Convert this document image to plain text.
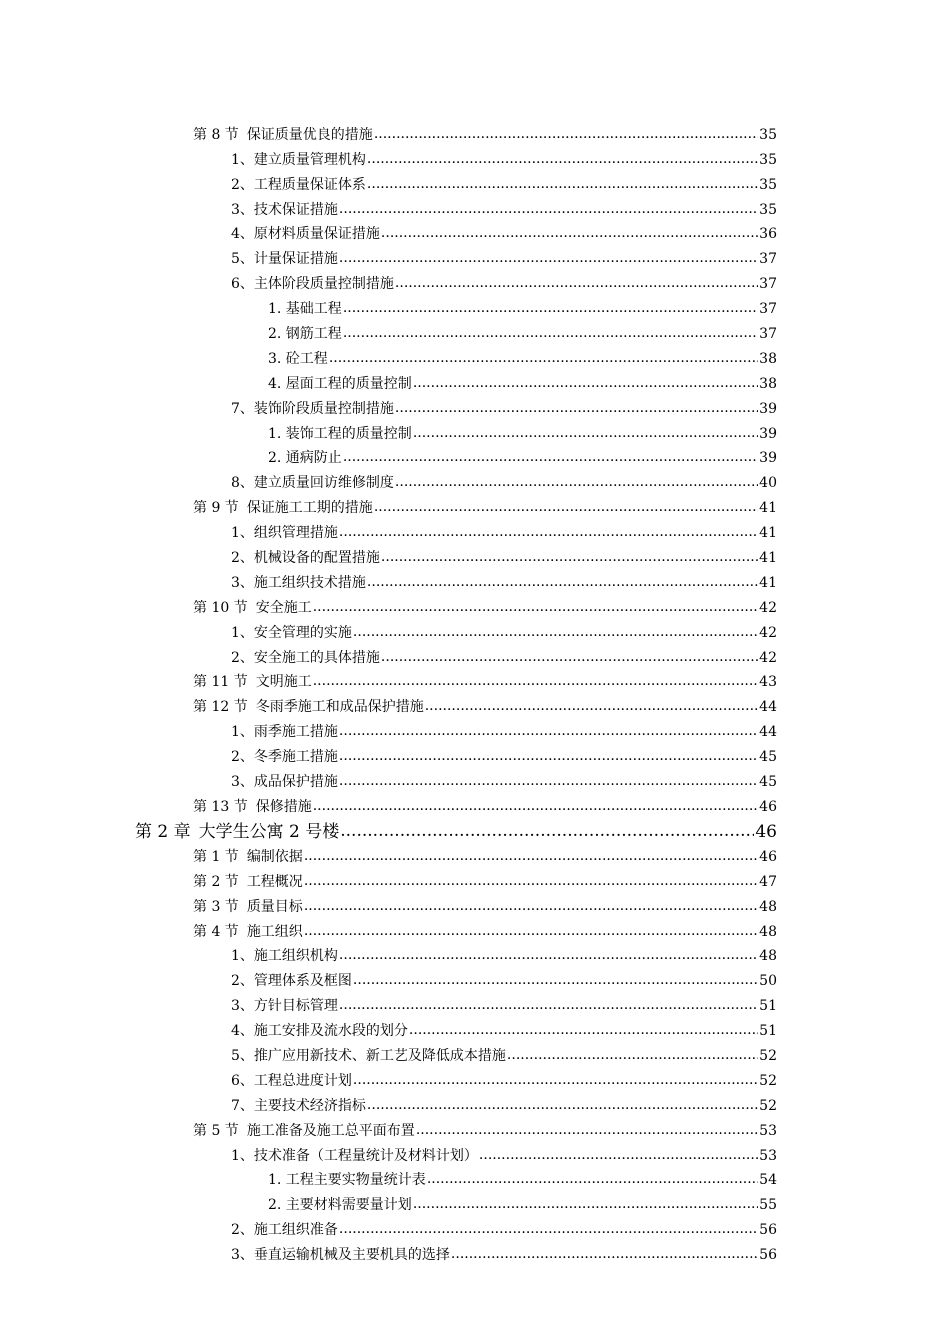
第 8 节 保证质量优良的措施 .....	35
1、 建立质量管理机构 .....	35
2、 工程质量保证体系 .....	35
3、 技术保证措施 .....	35
4、 原材料质量保证措施 .....	36
5、 计量保证措施 .....	37
6、 主体阶段质量控制措施 .....	37
1. 基础工程 .....	37
2. 钢筋工程 .....	37
3. 砼工程 .....	38
4. 屋面工程的质量控制 .....	38
7、 装饰阶段质量控制措施 .....	39
1. 装饰工程的质量控制 .....	39
2. 通病防止 .....	39
8、 建立质量回访维修制度 .....	40
第 9 节 保证施工工期的措施 .....	41
1、 组织管理措施 .....	41
2、 机械设备的配置措施 .....	41
3、 施工组织技术措施 .....	41
第 10 节 安全施工 .....	42
1、 安全管理的实施 .....	42
2、 安全施工的具体措施 .....	42
第 11 节 文明施工 .....	43
第 12 节 冬雨季施工和成品保护措施 .....	44
1、 雨季施工措施 .....	44
2、 冬季施工措施 .....	45
3、 成品保护措施 .....	45
第 13 节 保修措施 .....	46
第 2 章 大学生公寓 2 号楼 .....	46
第 1 节 编制依据 .....	46
第 2 节 工程概况 .....	47
第 3 节 质量目标 .....	48
第 4 节 施工组织 .....	48
1、 施工组织机构 .....	48
2、 管理体系及框图 .....	50
3、 方针目标管理 .....	51
4、 施工安排及流水段的划分 .....	51
5、 推广应用新技术、新工艺及降低成本措施 .....	52
6、 工程总进度计划 .....	52
7、 主要技术经济指标 .....	52
第 5 节 施工准备及施工总平面布置 .....	53
1、 技术准备（工程量统计及材料计划） .....	53
1. 工程主要实物量统计表 .....	54
2. 主要材料需要量计划 .....	55
2、 施工组织准备 .....	56
3、 垂直运输机械及主要机具的选择 .....	56
